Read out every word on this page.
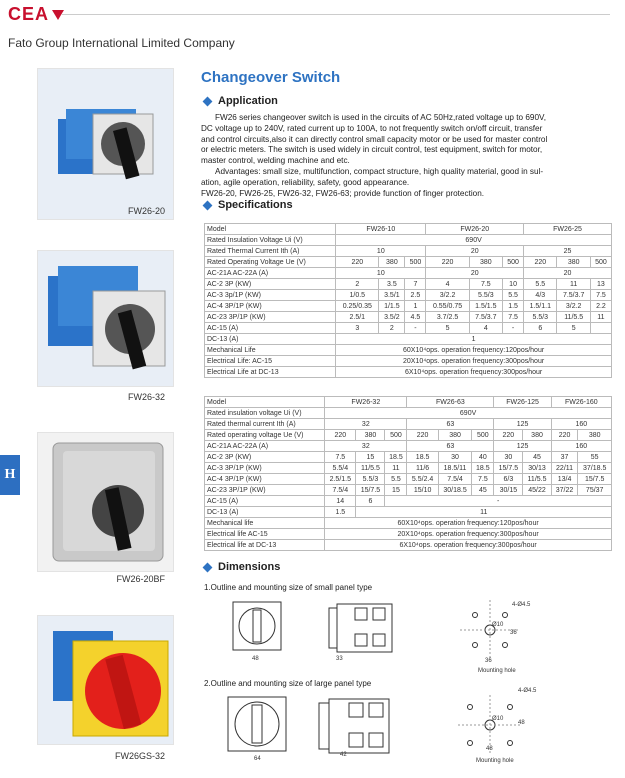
CEA
Fato Group International Limited Company
H
FW26-20
FW26-32
FW26-20BF
FW26GS-32
Changeover Switch
Application
FW26 series changeover switch is used in the circuits of AC 50Hz,rated voltage up to 690V,
DC voltage up to 240V, rated current up to 100A, to not frequently switch on/off circuit, transfer
and control circuits,also it can directly control small capacity motor or be used for master control
or electric meters. The switch is used widely in circuit control, test equipment, switch for motor,
master control, welding machine and etc.
Advantages: small size, multifunction, compact structure, high quality material, good in sul-
ation, agile operation, reliability, safety, good appearance.
FW26-20, FW26-25, FW26-32, FW26-63; provide function of finger protection.
Specifications
Model	FW26-10			FW26-20			FW26-25		
Rated Insulation Voltage Ui (V)	690V								
Rated Thermal Current Ith (A)	10			20			25		
Rated Operating Voltage Ue (V)	220	380	500	220	380	500	220	380	500
AC-21A AC-22A (A)	10			20			20		
AC-2 3P (KW)	2	3.5	7	4	7.5	10	5.5	11	13
AC-3 3p/1P (KW)	1/0.5	3.5/1	2.5	3/2.2	5.5/3	5.5	4/3	7.5/3.7	7.5
AC-4 3P/1P (KW)	0.25/0.35	1/1.5	1	0.55/0.75	1.5/1.5	1.5	1.5/1.1	3/2.2	2.2
AC-23 3P/1P (KW)	2.5/1	3.5/2	4.5	3.7/2.5	7.5/3.7	7.5	5.5/3	11/5.5	11
AC-15 (A)	3	2	-	5	4	-	6	5	
DC-13 (A)	1								
Mechanical Life	60X10⁴ops. operation frequency:120pos/hour								
Electrical Life: AC-15	20X10⁴ops. operation frequency:300pos/hour								
Electrical Life at DC-13	6X10⁴ops. operation frequency:300pos/hour								
Model	FW26-32			FW26-63			FW26-125		FW26-160	
Rated insulation voltage Ui (V)	690V									
Rated thermal current Ith (A)	32			63			125		160	
Rated operating voltage Ue (V)	220	380	500	220	380	500	220	380	220	380
AC-21A AC-22A (A)	32			63			125		160	
AC-2 3P (KW)	7.5	15	18.5	18.5	30	40	30	45	37	55
AC-3 3P/1P (KW)	5.5/4	11/5.5	11	11/6	18.5/11	18.5	15/7.5	30/13	22/11	37/18.5
AC-4 3P/1P (KW)	2.5/1.5	5.5/3	5.5	5.5/2.4	7.5/4	7.5	6/3	11/5.5	13/4	15/7.5
AC-23 3P/1P (KW)	7.5/4	15/7.5	15	15/10	30/18.5	45	30/15	45/22	37/22	75/37
AC-15 (A)	14	6	-							
DC-13 (A)	1.5	11								
Mechanical life	60X10⁴ops. operation frequency:120pos/hour									
Electrical life AC-15	20X10⁴ops. operation frequency:300pos/hour									
Electrical life at DC-13	6X10⁴ops. operation frequency:300pos/hour									
Dimensions
1.Outline and mounting size of small panel type
48	33
4-Ø4.5
Ø10
36
36
Mounting hole
2.Outline and mounting size of large panel type
64
42
4-Ø4.5
Ø10
48
48
Mounting hole
